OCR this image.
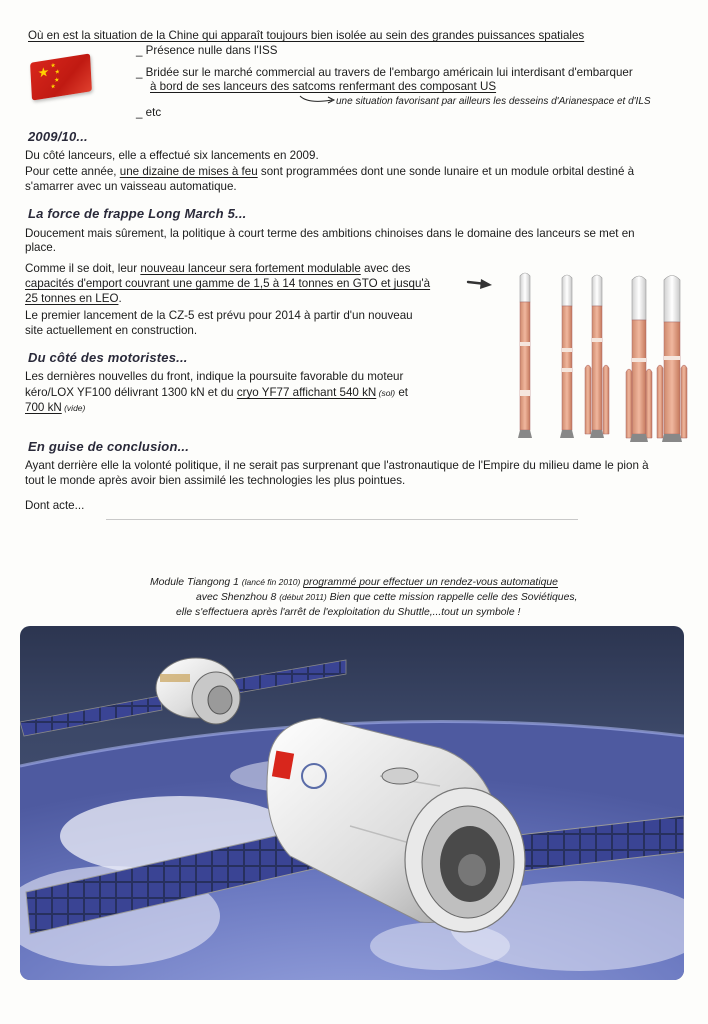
Où en est la situation de la Chine qui apparaît toujours bien isolée au sein des grandes puissances spatiales
★ ★
★
★
★
_ Présence nulle dans l'ISS
_ Bridée sur le marché commercial au travers de l'embargo américain lui interdisant d'embarquer
à bord de ses lanceurs des satcoms renfermant des composant US
une situation favorisant par ailleurs les desseins d'Arianespace et d'ILS
_ etc
2009/10...
Du côté lanceurs, elle a effectué six lancements en 2009.
Pour cette année, une dizaine de mises à feu sont programmées dont une sonde lunaire et un module orbital destiné à
s'amarrer avec un vaisseau automatique.
La force de frappe Long March 5...
Doucement mais sûrement, la politique à court terme des ambitions chinoises dans le domaine des lanceurs se met en
place.
Comme il se doit, leur nouveau lanceur sera fortement modulable avec des
capacités d'emport couvrant une gamme de 1,5 à 14 tonnes en GTO et jusqu'à
25 tonnes en LEO.
Le premier lancement de la CZ-5 est prévu pour 2014 à partir d'un nouveau
site actuellement en construction.
Du côté des motoristes...
Les dernières nouvelles du front, indique la poursuite favorable du moteur
kéro/LOX YF100 délivrant 1300 kN et du cryo YF77 affichant 540 kN (sol) et
700 kN (vide)
En guise de conclusion...
Ayant derrière elle la volonté politique, il ne serait pas surprenant que l'astronautique de l'Empire du milieu dame le pion à
tout le monde après avoir bien assimilé les technologies les plus pointues.
Dont acte...
Module Tiangong 1 (lancé fin 2010) programmé pour effectuer un rendez-vous automatique
avec Shenzhou 8 (début 2011) Bien que cette mission rappelle celle des Soviétiques,
elle s'effectuera après l'arrêt de l'exploitation du Shuttle,...tout un symbole !
